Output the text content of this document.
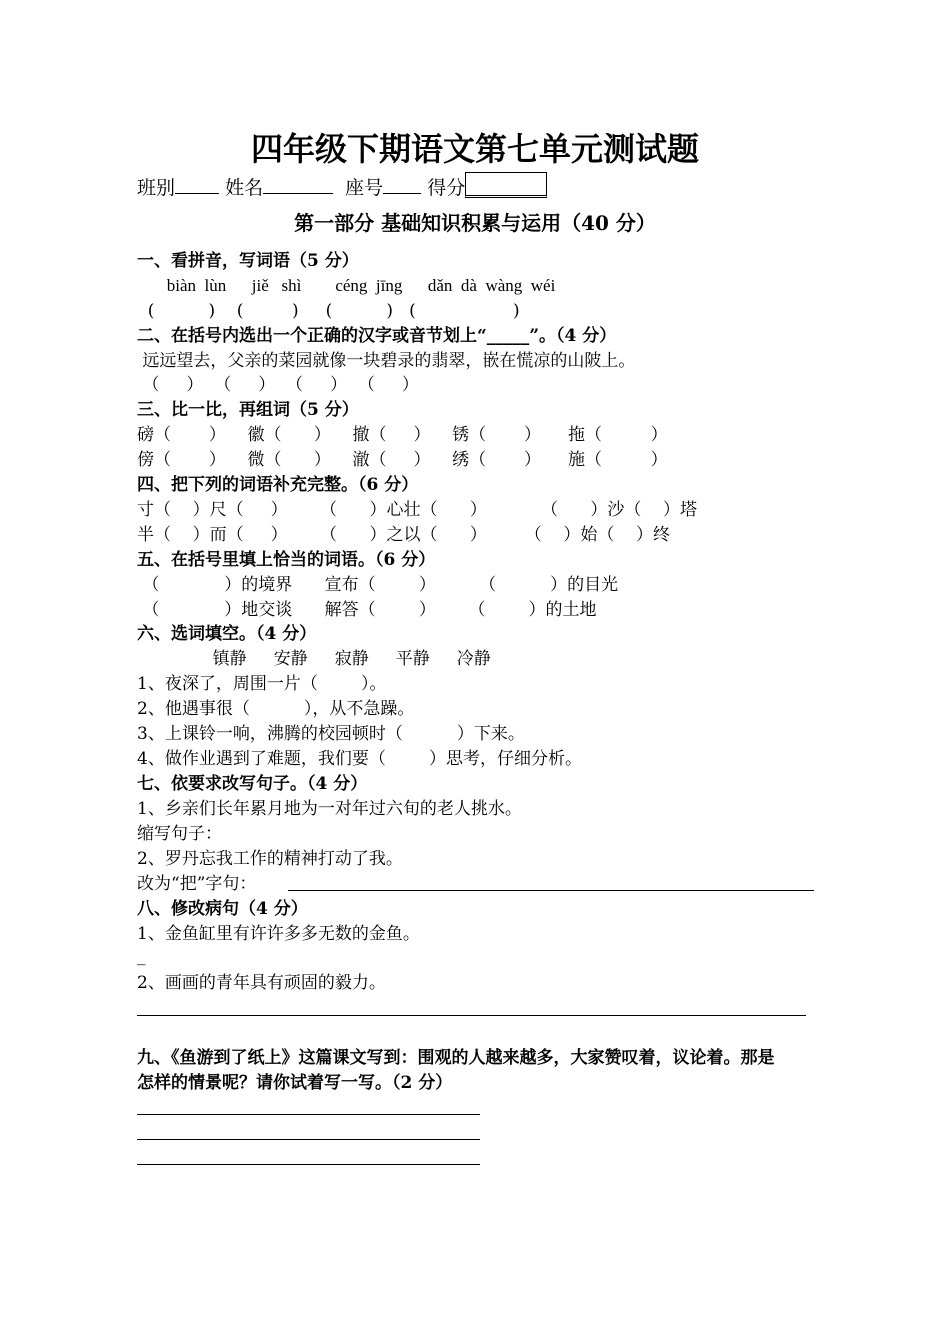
四年级下期语文第七单元测试题
班别	姓名	座号 得分
第一部分 基础知识积累与运用（40 分）
一、看拼音，写词语（5 分）
biàn  lùn      jiě   shì        céng  jīng      dǎn  dà  wàng  wéi
(          )    (         )     (          )   (                  )
二、在括号内选出一个正确的汉字或音节划上“_____”。（4 分）
远远望去，父亲的菜园就像一块碧录的翡翠，嵌在慌凉的山陂上。
（     ）  （     ）  （     ）  （     ）
三、比一比，再组词（5 分）
磅（       ）    徽（      ）    撤（     ）    锈（       ）     拖（         ）
傍（       ）    微（      ）    澈（     ）    绣（       ）     施（         ）
四、把下列的词语补充完整。（6 分）
寸（    ）尺（     ）      （      ）心壮（      ）          （      ）沙（    ）塔
半（    ）而（     ）      （      ）之以（      ）       （    ）始（    ）终
五、在括号里填上恰当的词语。（6 分）
（            ）的境界      宣布（        ）        （          ）的目光
（            ）地交谈      解答（        ）      （        ）的土地
六、选词填空。（4 分）
镇静     安静     寂静     平静     冷静
1、夜深了，周围一片（        ）。
2、他遇事很（          ），从不急躁。
3、上课铃一响，沸腾的校园顿时（          ）下来。
4、做作业遇到了难题，我们要（        ）思考，仔细分析。
七、依要求改写句子。（4 分）
1、乡亲们长年累月地为一对年过六旬的老人挑水。
缩写句子：
2、罗丹忘我工作的精神打动了我。
改为“把”字句：
八、修改病句（4 分）
1、金鱼缸里有许许多多无数的金鱼。
_
2、画画的青年具有顽固的毅力。
九、《鱼游到了纸上》这篇课文写到：围观的人越来越多，大家赞叹着，议论着。那是
怎样的情景呢？请你试着写一写。（2 分）
